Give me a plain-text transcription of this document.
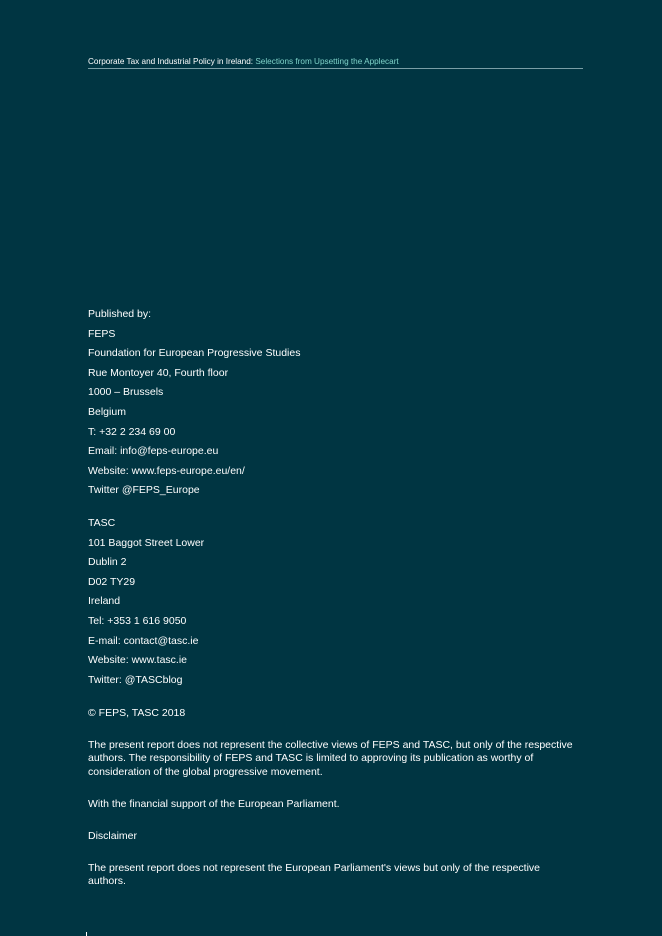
Corporate Tax and Industrial Policy in Ireland: Selections from Upsetting the Applecart
Published by:
FEPS
Foundation for European Progressive Studies
Rue Montoyer 40, Fourth floor
1000 – Brussels
Belgium
T: +32 2 234 69 00
Email: info@feps-europe.eu
Website: www.feps-europe.eu/en/
Twitter @FEPS_Europe
TASC
101 Baggot Street Lower
Dublin 2
D02 TY29
Ireland
Tel: +353 1 616 9050
E-mail: contact@tasc.ie
Website: www.tasc.ie
Twitter: @TASCblog
© FEPS, TASC 2018
The present report does not represent the collective views of FEPS and TASC, but only of the respective authors. The responsibility of FEPS and TASC is limited to approving its publication as worthy of consideration of the global progressive movement.
With the financial support of the European Parliament.
Disclaimer
The present report does not represent the European Parliament's views but only of the respective authors.
